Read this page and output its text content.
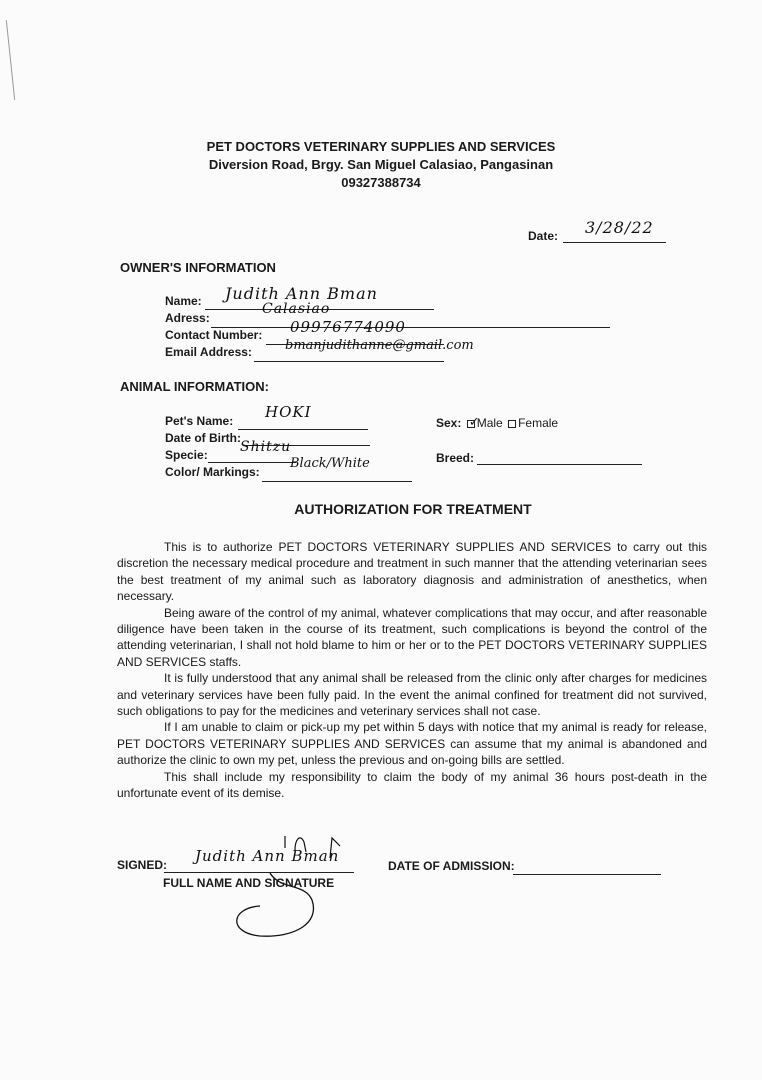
PET DOCTORS VETERINARY SUPPLIES AND SERVICES
Diversion Road, Brgy. San Miguel Calasiao, Pangasinan
09327388734
Date: 3/28/22
OWNER'S INFORMATION
Name: Judith Ann Bman
Adress:
Calasiao
Contact Number: 09976774090
Email Address:	bmanjudithanne@gmail.com
ANIMAL INFORMATION:
Pet's Name: HOKI
Date of Birth:
Specie: Shitzu
Color/ Markings:
Black/White
Sex: ✓
Male Female
Breed:
AUTHORIZATION FOR TREATMENT

This is to authorize PET DOCTORS VETERINARY SUPPLIES AND SERVICES to carry out this discretion the necessary medical procedure and treatment in such manner that the attending veterinarian sees the best treatment of my animal such as laboratory diagnosis and administration of anesthetics, when necessary.

Being aware of the control of my animal, whatever complications that may occur, and after reasonable diligence have been taken in the course of its treatment, such complications is beyond the control of the attending veterinarian, I shall not hold blame to him or her or to the PET DOCTORS VETERINARY SUPPLIES AND SERVICES staffs.

It is fully understood that any animal shall be released from the clinic only after charges for medicines and veterinary services have been fully paid. In the event the animal confined for treatment did not survived, such obligations to pay for the medicines and veterinary services shall not case.

If I am unable to claim or pick-up my pet within 5 days with notice that my animal is ready for release, PET DOCTORS VETERINARY SUPPLIES AND SERVICES can assume that my animal is abandoned and authorize the clinic to own my pet, unless the previous and on-going bills are settled.

This shall include my responsibility to claim the body of my animal 36 hours post-death in the unfortunate event of its demise.

SIGNED: Judith Ann Bman
FULL NAME AND SIGNATURE
DATE OF ADMISSION:
